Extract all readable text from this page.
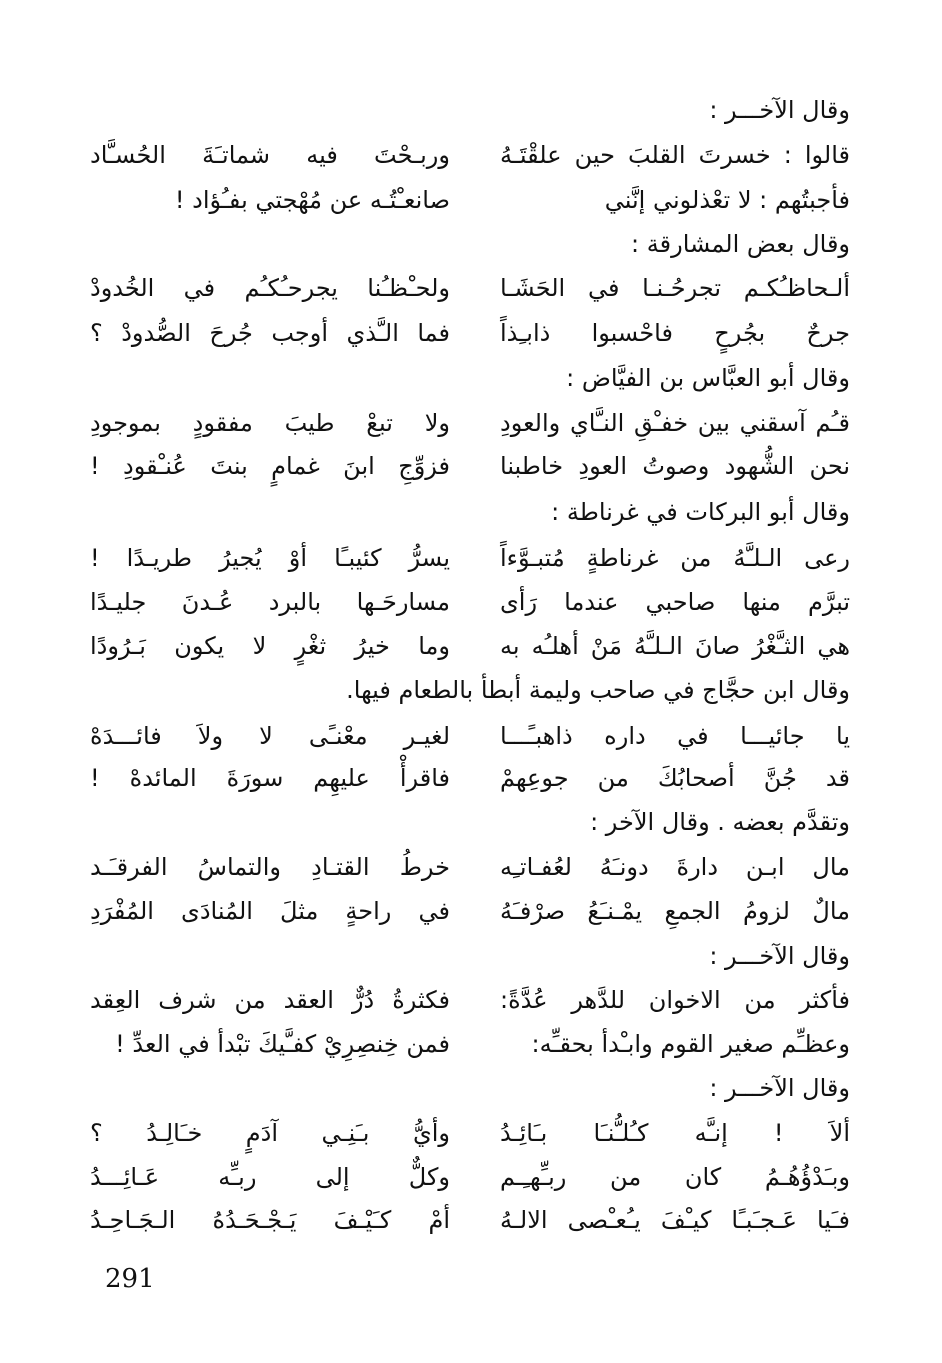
وقال الآخـــر :
قالوا : خسرتَ القلبَ حين علقْتَـهُ
وربـحْتَ فيه شماتـَةَ الحُسـَّاد
فأجبتُهم : لا تعْذلوني إنَّني
صانعـْتُـه عن مُهْجتي بفـُؤاد !
وقال بعض المشارقة :
ألـحاظـُكـم تجرحُـنـا في الحَشَـا
ولحـْظـُنا يجرحـُكـُم في الخُدودْ
جرحٌ بجُرحٍ فاحْسبوا ذابـِذاً
فما الـَّذي أوجب جُرحَ الصُّدودْ ؟
وقال أبو العبَّاس بن الفيَّاض :
قـُم آسقني بين خفـْقِ النـَّاي والعودِ
ولا تبعْ طيبَ مفقودٍ بموجودِ
نحن الشُّهود وصوتُ العودِ خاطبنا
فزوِّجِ ابنَ غمامٍ بنتَ عُنـْقودِ !
وقال أبو البركات في غرناطة :
رعى الـلـَّهُ من غرناطةٍ مُتبـوَّءاً
يسرُّ كئيبـًا أوْ يُجيرُ طريـدًا !
تبرَّم منها صاحبي عندما رَأى
مسارحَـها بالبرد عُـدنَ جليـدًا
هي الثـَّغْرُ صانَ الـلـَّهُ مَنْ أهلـُه به
وما خيرُ ثغْرٍ لا يكون بَـرُودًا
وقال ابن حجَّاج في صاحب وليمة أبطأ بالطعام فيها.
يا جائيـــا في داره ذاهبـًـــا
لغيـر معْنـًى لا ولاَ فائـــدَهْ
قد جُنَّ أصحابُكَ من جوعِهمْ
فاقرأْ عليهِم سورَةَ المائدهْ !
وتقدَّم بعضه . وقال الآخر :
مال ابـن دارةَ دونـَهُ لعُفـاتـِه
خرطُ القتـادِ والتماسُ الفرقـَـد
مالٌ لزومُ الجمعِ يمْـنـَعُ صرْفـَهُ
في راحةٍ مثلَ المُنادَى المُفْرَدِ
وقال الآخـــر :
فأكثر من الاخوان للدَّهر عُدَّةً:
فكثرةُ دُرٌّ العقد من شرف العِقد
وعظـِّم صغير القوم وابـْدأ بحقـِّه:
فمن خِنصِرِيْ كفـَّيكَ تبْدأ في العدِّ !
وقال الآخـــر :
ألاَ ! إنـَّه كـُلـُّنـَا بـَائِـدُ
وأيُّ بـَنِـي آدَمٍ خـَالِـدُ ؟
وبـَدْؤُهُـمُ كان من ربـِّهـِـم
وكلٌّ إلى ربـِّه عَـائِـــدُ
فـَيا عَـجـَبـًا كيـْفَ يـُعـْصى الالـهُ
أمْ كـَيْـفَ يَـجْـحَـدُهُ الـجَـاحِـدُ
291
